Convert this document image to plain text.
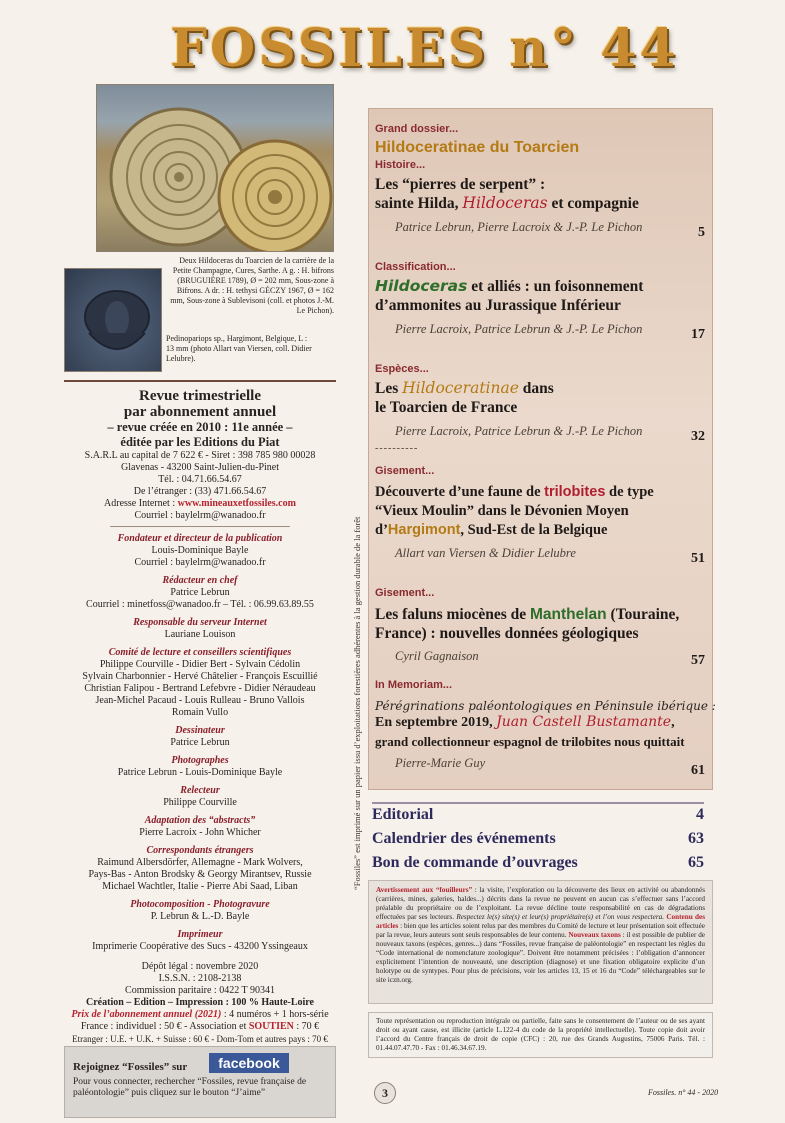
FOSSILES n° 44
Deux Hildoceras du Toarcien de la carrière de la Petite Champagne, Cures, Sarthe. A g. : H. bifrons (BRUGUIÈRE 1789), Ø = 202 mm, Sous-zone à Bifrons. A dr. : H. tethysi GÉCZY 1967, Ø = 162 mm, Sous-zone à Sublevisoni (coll. et photos J.-M. Le Pichon).
Pedinopariops sp., Hargimont, Belgique, L : 13 mm (photo Allart van Viersen, coll. Didier Lelubre).
“Fossiles” est imprimé sur un papier issu d’exploitations forestières adhérentes à la gestion durable de la forêt
Revue trimestrielle
par abonnement annuel
– revue créée en 2010 : 11e année –
éditée par les Editions du Piat
S.A.R.L au capital de 7 622 € - Siret : 398 785 980 00028
Glavenas - 43200 Saint-Julien-du-Pinet
Tél. : 04.71.66.54.67
De l’étranger : (33) 471.66.54.67
Adresse Internet : www.mineauxetfossiles.com
Courriel : baylelrm@wanadoo.fr
Fondateur et directeur de la publication
Louis-Dominique Bayle
Courriel : baylelrm@wanadoo.fr
Rédacteur en chef
Patrice Lebrun
Courriel : minetfoss@wanadoo.fr – Tél. : 06.99.63.89.55
Responsable du serveur Internet
Lauriane Louison
Comité de lecture et conseillers scientifiques
Philippe Courville - Didier Bert - Sylvain Cédolin
Sylvain Charbonnier - Hervé Châtelier - François Escuillié
Christian Falipou - Bertrand Lefebvre - Didier Néraudeau
Jean-Michel Pacaud - Louis Rulleau - Bruno Vallois
Romain Vullo
Dessinateur
Patrice Lebrun
Photographes
Patrice Lebrun - Louis-Dominique Bayle
Relecteur
Philippe Courville
Adaptation des “abstracts”
Pierre Lacroix - John Whicher
Correspondants étrangers
Raimund Albersdörfer, Allemagne - Mark Wolvers,
Pays-Bas - Anton Brodsky & Georgy Mirantsev, Russie
Michael Wachtler, Italie - Pierre Abi Saad, Liban
Photocomposition - Photogravure
P. Lebrun & L.-D. Bayle
Imprimeur
Imprimerie Coopérative des Sucs - 43200 Yssingeaux
Dépôt légal : novembre 2020
I.S.S.N. : 2108-2138
Commission paritaire : 0422 T 90341
Création – Edition – Impression : 100 % Haute-Loire
Prix de l’abonnement annuel (2021) : 4 numéros + 1 hors-série
France : individuel : 50 € - Association et SOUTIEN : 70 €
Etranger : U.E. + U.K. + Suisse : 60 € - Dom-Tom et autres pays : 70 €
Rejoignez “Fossiles” sur	facebook
Pour vous connecter, rechercher “Fossiles, revue française de paléontologie” puis cliquez sur le bouton “J’aime”
Grand dossier...
Hildoceratinae du Toarcien
Histoire...
Les “pierres de serpent” :
sainte Hilda, Hildoceras et compagnie
Patrice Lebrun, Pierre Lacroix & J.-P. Le Pichon	5
Classification...
Hildoceras et alliés : un foisonnement
d’ammonites au Jurassique Inférieur
Pierre Lacroix, Patrice Lebrun & J.-P. Le Pichon	17
Espèces...
Les Hildoceratinae dans
le Toarcien de France
Pierre Lacroix, Patrice Lebrun & J.-P. Le Pichon	32
----------
Gisement...
Découverte d’une faune de trilobites de type
“Vieux Moulin” dans le Dévonien Moyen
d’Hargimont, Sud-Est de la Belgique
Allart van Viersen & Didier Lelubre	51
Gisement...
Les faluns miocènes de Manthelan (Touraine,
France) : nouvelles données géologiques
Cyril Gagnaison	57
In Memoriam...
Pérégrinations paléontologiques en Péninsule ibérique :
En septembre 2019, Juan Castell Bustamante,
grand collectionneur espagnol de trilobites nous quittait
Pierre-Marie Guy	61
Editorial	4
Calendrier des événements	63
Bon de commande d’ouvrages	65
Avertissement aux “fouilleurs” : la visite, l’exploration ou la découverte des lieux en activité ou abandonnés (carrières, mines, galeries, haldes...) décrits dans la revue ne peuvent en aucun cas s’effectuer sans l’accord préalable du propriétaire ou de l’exploitant. La revue décline toute responsabilité en cas de dégradations effectuées par ses lecteurs. Respectez le(s) site(s) et leur(s) propriétaire(s) et l’on vous respectera. Contenu des articles : bien que les articles soient relus par des membres du Comité de lecture et leur présentation soit effectuée par la revue, leurs auteurs sont seuls responsables de leur contenu. Nouveaux taxons : il est possible de publier de nouveaux taxons (espèces, genres...) dans “Fossiles, revue française de paléontologie” en respectant les règles du “Code international de nomenclature zoologique”. Doivent être notamment précisées : l’obligation d’annoncer explicitement l’intention de nouveauté, une description (diagnose) et une fixation obligatoire explicite d’un holotype ou de syntypes. Pour plus de précisions, voir les articles 13, 15 et 16 du “Code” téléchargeables sur le site iczn.org.
Toute représentation ou reproduction intégrale ou partielle, faite sans le consentement de l’auteur ou de ses ayant droit ou ayant cause, est illicite (article L.122-4 du code de la propriété intellectuelle). Toute copie doit avoir l’accord du Centre français de droit de copie (CFC) : 20, rue des Grands Augustins, 75006 Paris. Tél. : 01.44.07.47.70 - Fax : 01.46.34.67.19.
3	Fossiles. n° 44 - 2020
